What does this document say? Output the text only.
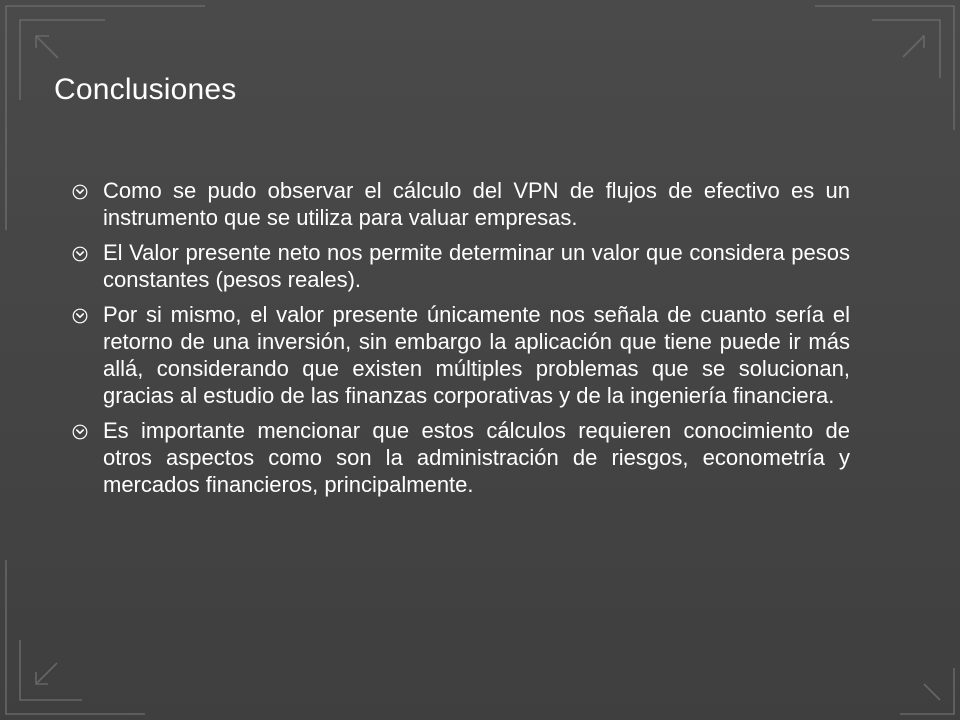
Conclusiones
Como se pudo observar el cálculo del VPN de flujos de efectivo es un instrumento que se utiliza para valuar empresas.
El Valor presente neto nos permite determinar un valor que considera pesos constantes (pesos reales).
Por si mismo, el valor presente únicamente nos señala de cuanto sería el retorno de una inversión, sin embargo la aplicación que tiene puede ir más allá, considerando que existen múltiples problemas que se solucionan, gracias al estudio de las finanzas corporativas y de la ingeniería financiera.
Es importante mencionar que estos cálculos requieren conocimiento de otros aspectos como son la administración de riesgos, econometría y mercados financieros, principalmente.
